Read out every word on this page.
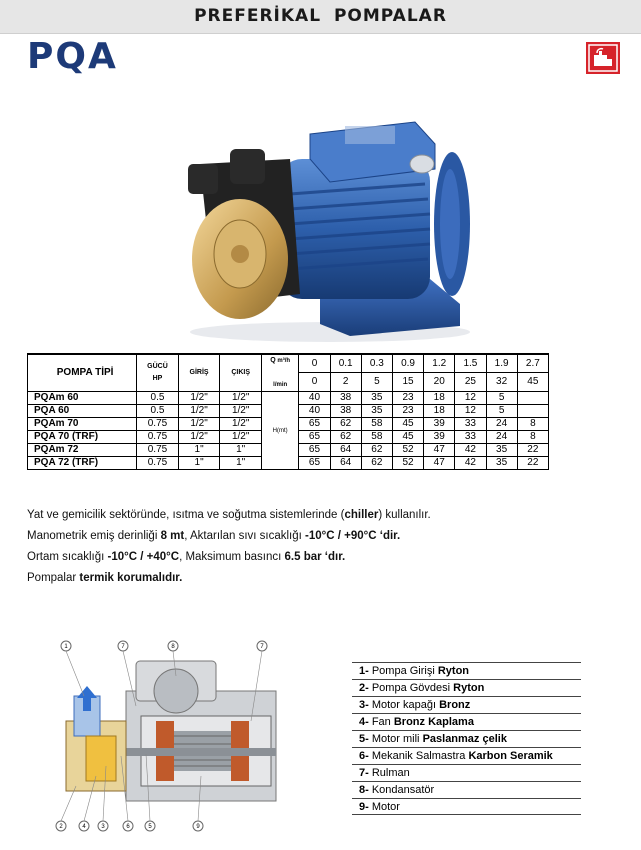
PREFERİKAL POMPALAR
PQA
POMPA TİPİ	GÜCÜ
HP	GİRİŞ	ÇIKIŞ	Q m³/h

l/min	0	0.1	0.3	0.9	1.2	1.5	1.9	2.7
					0	2	5	15	20	25	32	45
PQAm 60	0.5	1/2"	1/2"	H(mt)	40	38	35	23	18	12	5	
PQA 60	0.5	1/2"	1/2"		40	38	35	23	18	12	5	
PQAm 70	0.75	1/2"	1/2"		65	62	58	45	39	33	24	8
PQA 70 (TRF)	0.75	1/2"	1/2"		65	62	58	45	39	33	24	8
PQAm 72	0.75	1"	1"		65	64	62	52	47	42	35	22
PQA 72 (TRF)	0.75	1"	1"		65	64	62	52	47	42	35	22

Yat ve gemicilik sektöründe, ısıtma ve soğutma sistemlerinde (chiller) kullanılır.

Manometrik emiş derinliği 8 mt, Aktarılan sıvı sıcaklığı -10°C / +90°C ‘dir.

Ortam sıcaklığı -10°C / +40°C, Maksimum basıncı 6.5 bar ‘dır.

Pompalar termik korumalıdır.

1	7	8	7
2	4	3	6	5	9
1- Pompa Girişi Ryton
2- Pompa Gövdesi Ryton
3- Motor kapağı Bronz
4- Fan Bronz Kaplama
5- Motor mili Paslanmaz çelik
6- Mekanik Salmastra Karbon Seramik
7- Rulman
8- Kondansatör
9- Motor
